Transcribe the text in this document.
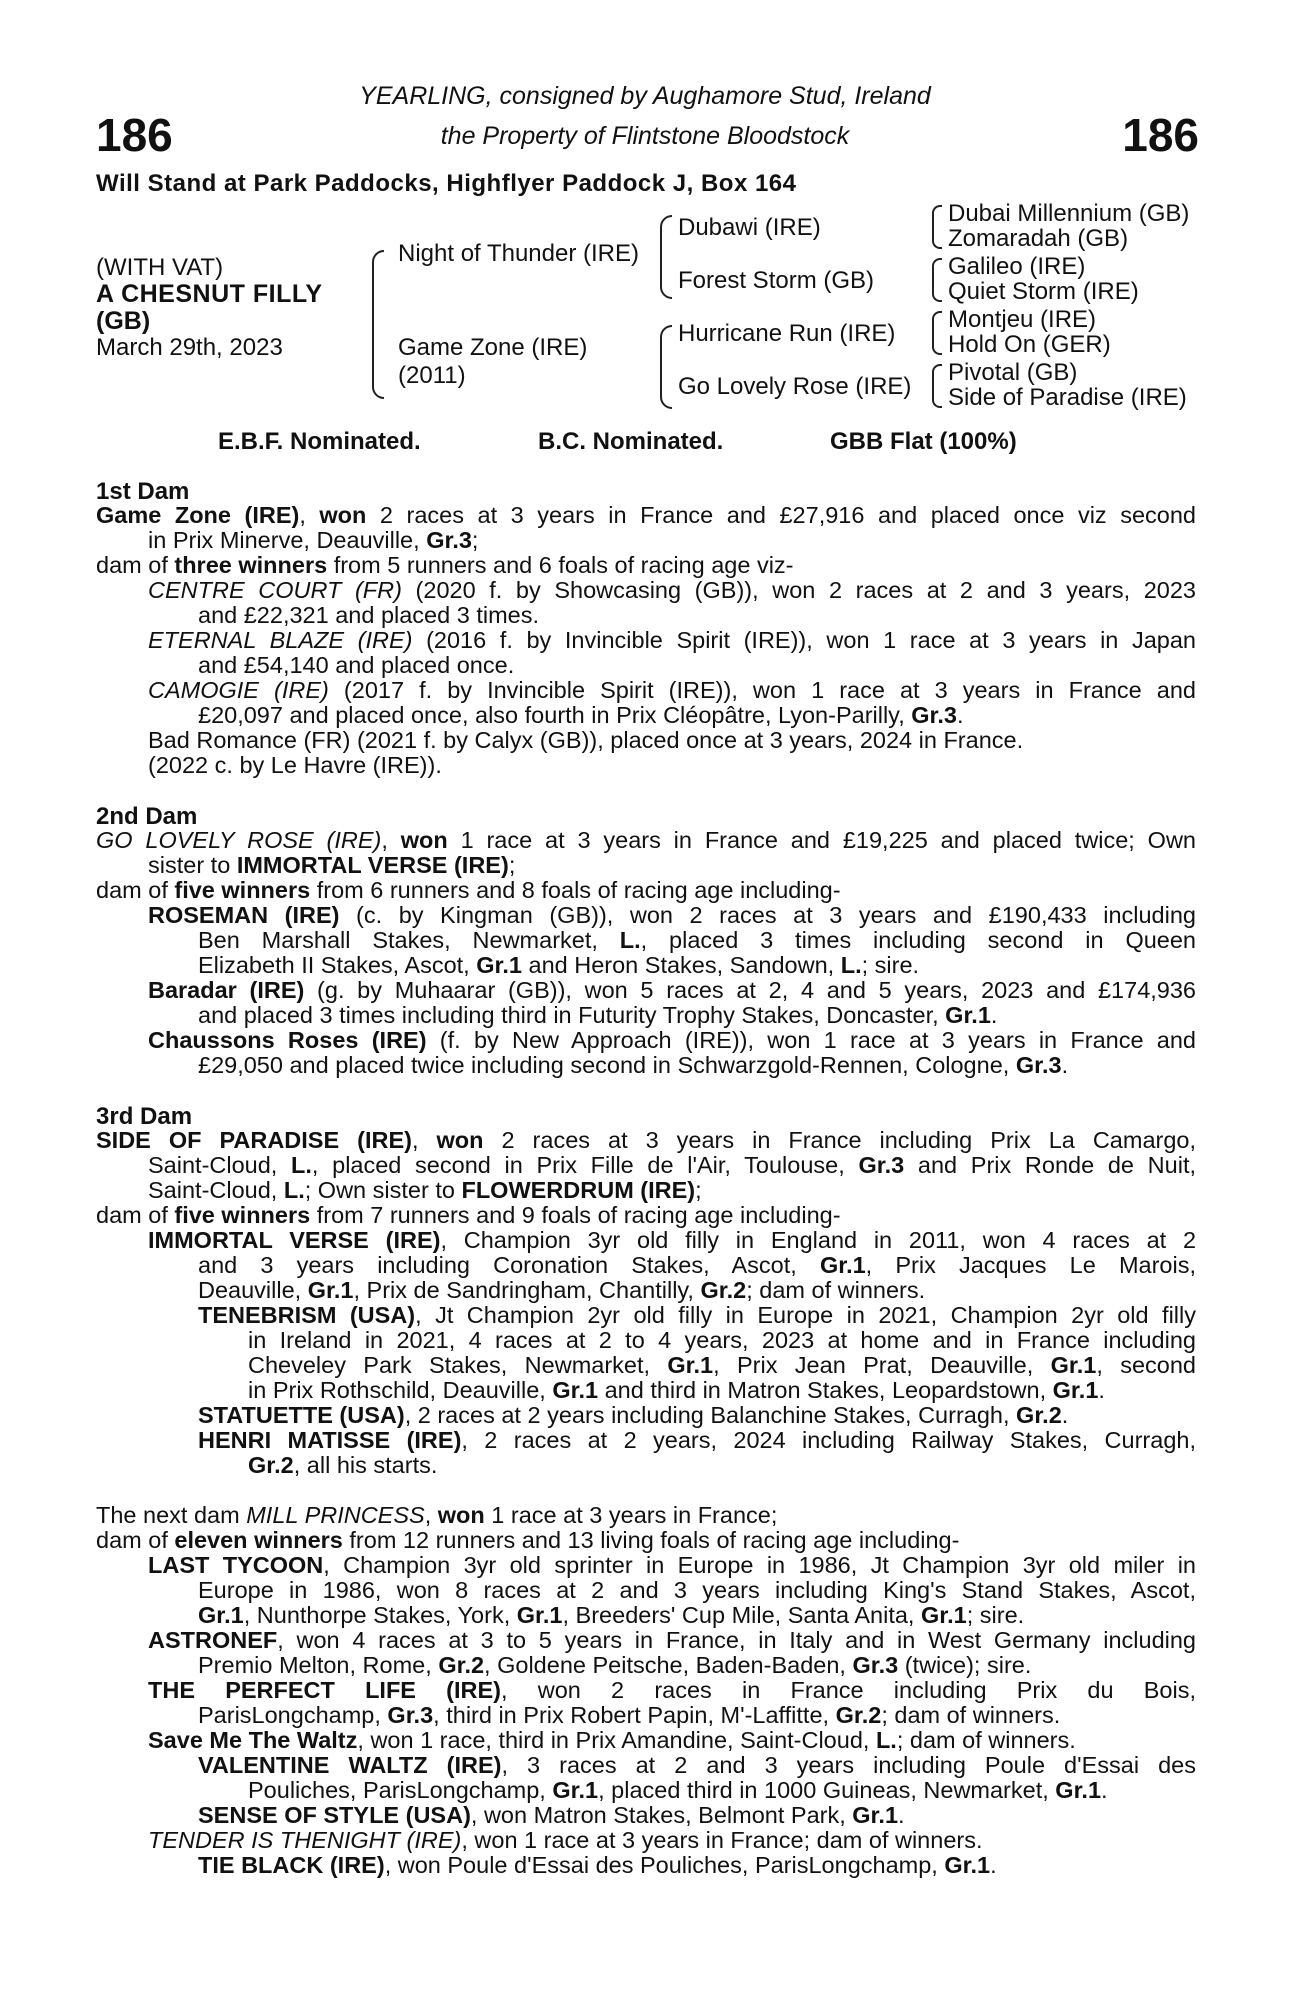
186	186
YEARLING, consigned by Aughamore Stud, Ireland
the Property of Flintstone Bloodstock
Will Stand at Park Paddocks, Highflyer Paddock J, Box 164
(WITH VAT)
A CHESNUT FILLY
(GB)
March 29th, 2023
Night of Thunder (IRE)
Game Zone (IRE)
(2011)
Dubawi (IRE)
Forest Storm (GB)
Hurricane Run (IRE)
Go Lovely Rose (IRE)
Dubai Millennium (GB)
Zomaradah (GB)
Galileo (IRE)
Quiet Storm (IRE)
Montjeu (IRE)
Hold On (GER)
Pivotal (GB)
Side of Paradise (IRE)
E.B.F. Nominated.	B.C. Nominated.	GBB Flat (100%)
1st Dam
Game Zone (IRE), won 2 races at 3 years in France and £27,916 and placed once viz second
in Prix Minerve, Deauville, Gr.3;
dam of three winners from 5 runners and 6 foals of racing age viz-
CENTRE COURT (FR) (2020 f. by Showcasing (GB)), won 2 races at 2 and 3 years, 2023
and £22,321 and placed 3 times.
ETERNAL BLAZE (IRE) (2016 f. by Invincible Spirit (IRE)), won 1 race at 3 years in Japan
and £54,140 and placed once.
CAMOGIE (IRE) (2017 f. by Invincible Spirit (IRE)), won 1 race at 3 years in France and
£20,097 and placed once, also fourth in Prix Cléopâtre, Lyon-Parilly, Gr.3.
Bad Romance (FR) (2021 f. by Calyx (GB)), placed once at 3 years, 2024 in France.
(2022 c. by Le Havre (IRE)).
2nd Dam
GO LOVELY ROSE (IRE), won 1 race at 3 years in France and £19,225 and placed twice; Own
sister to IMMORTAL VERSE (IRE);
dam of five winners from 6 runners and 8 foals of racing age including-
ROSEMAN (IRE) (c. by Kingman (GB)), won 2 races at 3 years and £190,433 including
Ben Marshall Stakes, Newmarket, L., placed 3 times including second in Queen
Elizabeth II Stakes, Ascot, Gr.1 and Heron Stakes, Sandown, L.; sire.
Baradar (IRE) (g. by Muhaarar (GB)), won 5 races at 2, 4 and 5 years, 2023 and £174,936
and placed 3 times including third in Futurity Trophy Stakes, Doncaster, Gr.1.
Chaussons Roses (IRE) (f. by New Approach (IRE)), won 1 race at 3 years in France and
£29,050 and placed twice including second in Schwarzgold-Rennen, Cologne, Gr.3.
3rd Dam
SIDE OF PARADISE (IRE), won 2 races at 3 years in France including Prix La Camargo,
Saint-Cloud, L., placed second in Prix Fille de l'Air, Toulouse, Gr.3 and Prix Ronde de Nuit,
Saint-Cloud, L.; Own sister to FLOWERDRUM (IRE);
dam of five winners from 7 runners and 9 foals of racing age including-
IMMORTAL VERSE (IRE), Champion 3yr old filly in England in 2011, won 4 races at 2
and 3 years including Coronation Stakes, Ascot, Gr.1, Prix Jacques Le Marois,
Deauville, Gr.1, Prix de Sandringham, Chantilly, Gr.2; dam of winners.
TENEBRISM (USA), Jt Champion 2yr old filly in Europe in 2021, Champion 2yr old filly
in Ireland in 2021, 4 races at 2 to 4 years, 2023 at home and in France including
Cheveley Park Stakes, Newmarket, Gr.1, Prix Jean Prat, Deauville, Gr.1, second
in Prix Rothschild, Deauville, Gr.1 and third in Matron Stakes, Leopardstown, Gr.1.
STATUETTE (USA), 2 races at 2 years including Balanchine Stakes, Curragh, Gr.2.
HENRI MATISSE (IRE), 2 races at 2 years, 2024 including Railway Stakes, Curragh,
Gr.2, all his starts.
The next dam MILL PRINCESS, won 1 race at 3 years in France;
dam of eleven winners from 12 runners and 13 living foals of racing age including-
LAST TYCOON, Champion 3yr old sprinter in Europe in 1986, Jt Champion 3yr old miler in
Europe in 1986, won 8 races at 2 and 3 years including King's Stand Stakes, Ascot,
Gr.1, Nunthorpe Stakes, York, Gr.1, Breeders' Cup Mile, Santa Anita, Gr.1; sire.
ASTRONEF, won 4 races at 3 to 5 years in France, in Italy and in West Germany including
Premio Melton, Rome, Gr.2, Goldene Peitsche, Baden-Baden, Gr.3 (twice); sire.
THE PERFECT LIFE (IRE), won 2 races in France including Prix du Bois,
ParisLongchamp, Gr.3, third in Prix Robert Papin, M'-Laffitte, Gr.2; dam of winners.
Save Me The Waltz, won 1 race, third in Prix Amandine, Saint-Cloud, L.; dam of winners.
VALENTINE WALTZ (IRE), 3 races at 2 and 3 years including Poule d'Essai des
Pouliches, ParisLongchamp, Gr.1, placed third in 1000 Guineas, Newmarket, Gr.1.
SENSE OF STYLE (USA), won Matron Stakes, Belmont Park, Gr.1.
TENDER IS THENIGHT (IRE), won 1 race at 3 years in France; dam of winners.
TIE BLACK (IRE), won Poule d'Essai des Pouliches, ParisLongchamp, Gr.1.
